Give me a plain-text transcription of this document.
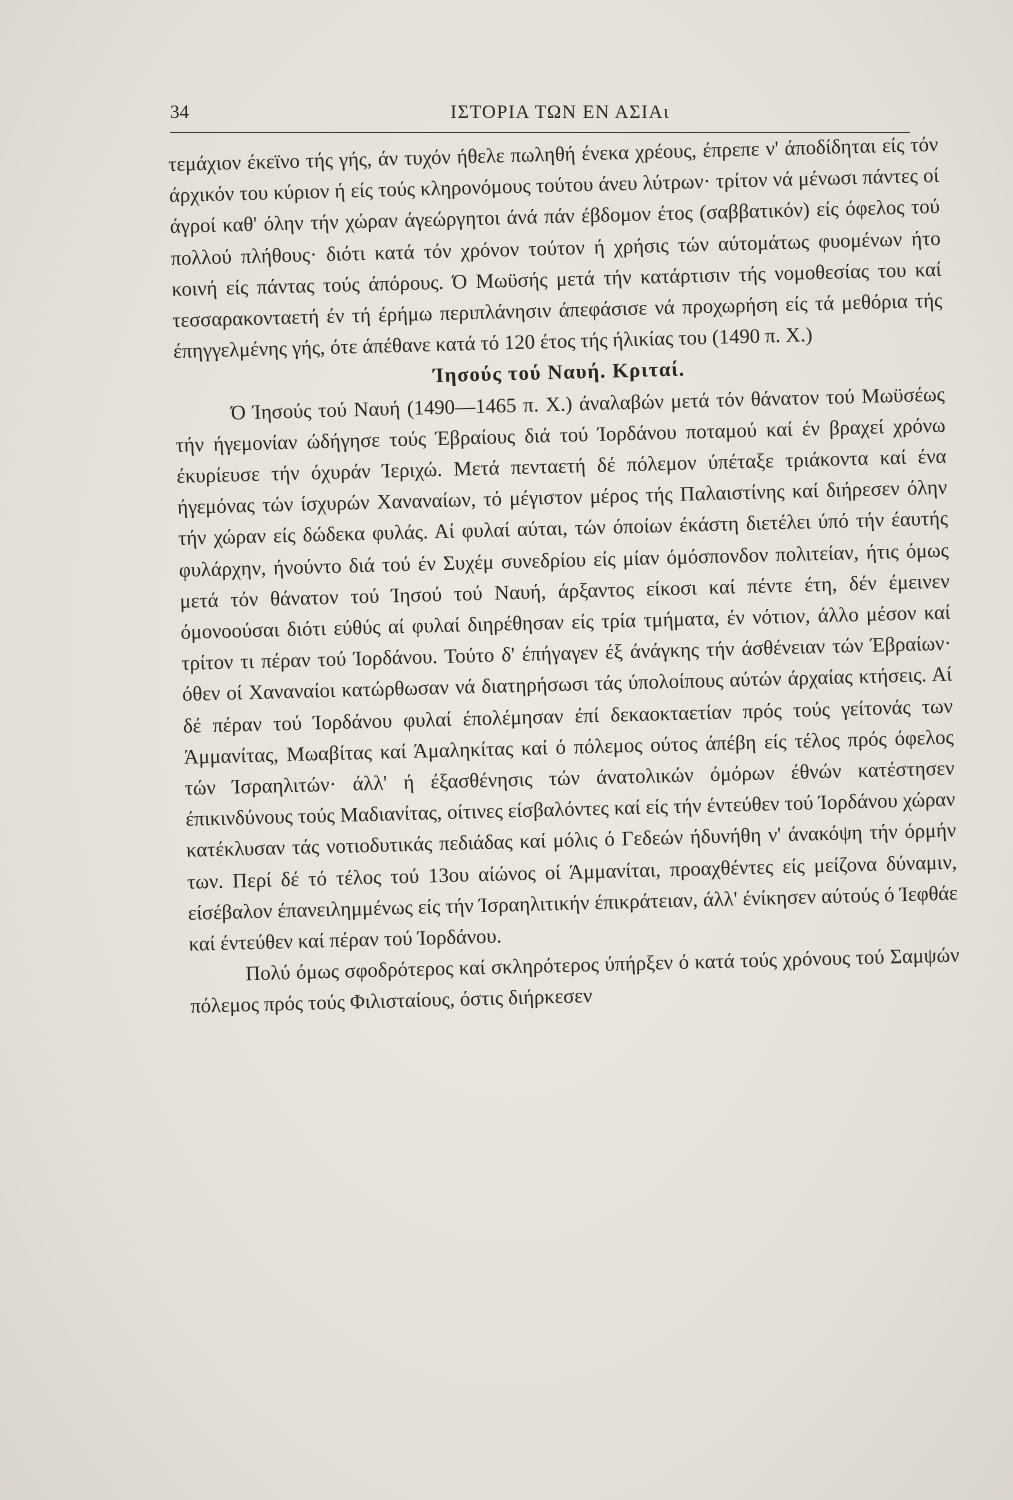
34	ΙΣΤΟΡΙΑ ΤΩΝ ΕΝ ΑΣΙΑι

τεμάχιον έκεϊνο τής γής, άν τυχόν ήθελε πωληθή ένεκα χρέους, έπρεπε ν' άποδίδηται είς τόν άρχικόν του κύριον ή είς τούς κληρονόμους τούτου άνευ λύτρων· τρίτον νά μένωσι πάντες οί άγροί καθ' όλην τήν χώραν άγεώργητοι άνά πάν έβδομον έτος (σαββατικόν) είς όφελος τού πολλού πλήθους· διότι κατά τόν χρόνον τούτον ή χρήσις τών αύτομάτως φυομένων ήτο κοινή είς πάντας τούς άπόρους. Ό Μωϋσής μετά τήν κατάρτισιν τής νομοθεσίας του καί τεσσαρακονταετή έν τή έρήμω περιπλάνησιν άπεφάσισε νά προχωρήση είς τά μεθόρια τής έπηγγελμένης γής, ότε άπέθανε κατά τό 120 έτος τής ήλικίας του (1490 π. Χ.)

Ίησούς τού Ναυή. Κριταί.

Ό Ίησούς τού Ναυή (1490—1465 π. Χ.) άναλαβών μετά τόν θάνατον τού Μωϋσέως τήν ήγεμονίαν ώδήγησε τούς Έβραίους διά τού Ίορδάνου ποταμού καί έν βραχεί χρόνω έκυρίευσε τήν όχυράν Ίεριχώ. Μετά πενταετή δέ πόλεμον ύπέταξε τριάκοντα καί ένα ήγεμόνας τών ίσχυρών Χαναναίων, τό μέγιστον μέρος τής Παλαιστίνης καί διήρεσεν όλην τήν χώραν είς δώδεκα φυλάς. Αί φυλαί αύται, τών όποίων έκάστη διετέλει ύπό τήν έαυτής φυλάρχην, ήνούντο διά τού έν Συχέμ συνεδρίου είς μίαν όμόσπονδον πολιτείαν, ήτις όμως μετά τόν θάνατον τού Ίησού τού Ναυή, άρξαντος είκοσι καί πέντε έτη, δέν έμεινεν όμονοούσαι διότι εύθύς αί φυλαί διηρέθησαν είς τρία τμήματα, έν νότιον, άλλο μέσον καί τρίτον τι πέραν τού Ίορδάνου. Τούτο δ' έπήγαγεν έξ άνάγκης τήν άσθένειαν τών Έβραίων· όθεν οί Χαναναίοι κατώρθωσαν νά διατηρήσωσι τάς ύπολοίπους αύτών άρχαίας κτήσεις. Αί δέ πέραν τού Ίορδάνου φυλαί έπολέμησαν έπί δεκαοκταετίαν πρός τούς γείτονάς των Άμμανίτας, Μωαβίτας καί Άμαληκίτας καί ό πόλεμος ούτος άπέβη είς τέλος πρός όφελος τών Ίσραηλιτών· άλλ' ή έξασθένησις τών άνατολικών όμόρων έθνών κατέστησεν έπικινδύνους τούς Μαδιανίτας, οίτινες είσβαλόντες καί είς τήν έντεύθεν τού Ίορδάνου χώραν κατέκλυσαν τάς νοτιοδυτικάς πεδιάδας καί μόλις ό Γεδεών ήδυνήθη ν' άνακόψη τήν όρμήν των. Περί δέ τό τέλος τού 13ου αίώνος οί Άμμανίται, προαχθέντες είς μείζονα δύναμιν, είσέβαλον έπανειλημμένως είς τήν Ίσραηλιτικήν έπικράτειαν, άλλ' ένίκησεν αύτούς ό Ίεφθάε καί έντεύθεν καί πέραν τού Ίορδάνου.

Πολύ όμως σφοδρότερος καί σκληρότερος ύπήρξεν ό κατά τούς χρόνους τού Σαμψών πόλεμος πρός τούς Φιλισταίους, όστις διήρκεσεν
